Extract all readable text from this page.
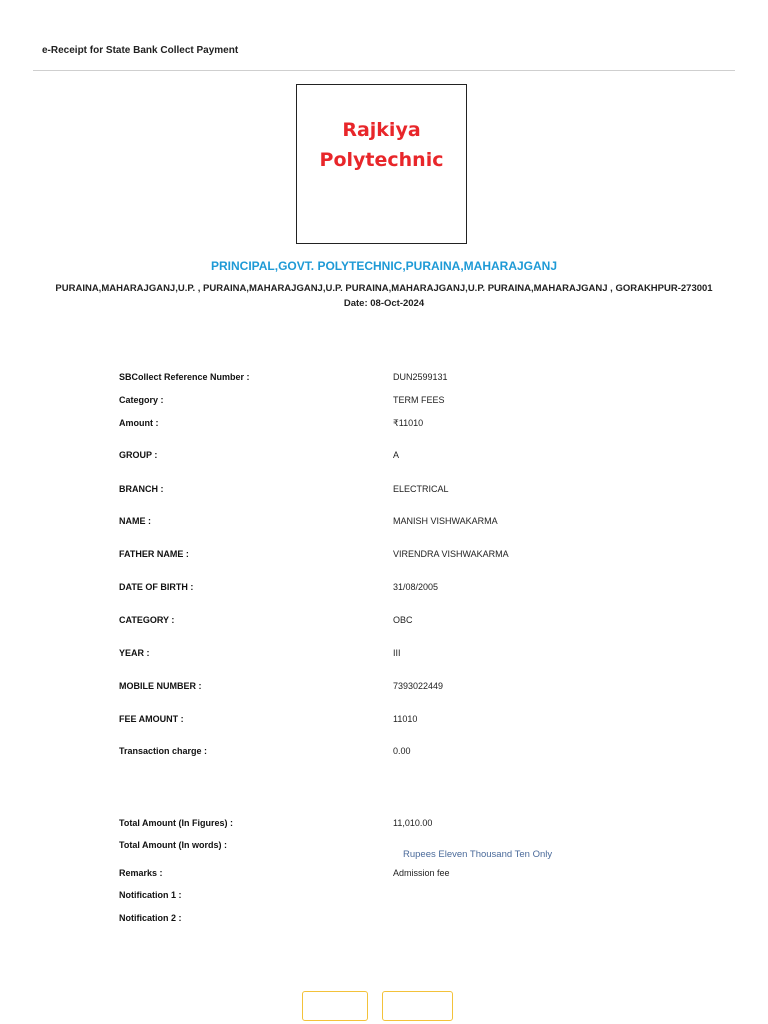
e-Receipt for State Bank Collect Payment
Rajkiya
Polytechnic
PRINCIPAL,GOVT. POLYTECHNIC,PURAINA,MAHARAJGANJ
PURAINA,MAHARAJGANJ,U.P. , PURAINA,MAHARAJGANJ,U.P. PURAINA,MAHARAJGANJ,U.P. PURAINA,MAHARAJGANJ , GORAKHPUR-273001
Date: 08-Oct-2024
SBCollect Reference Number :	DUN2599131
Category :	TERM FEES
Amount :	₹11010
GROUP :	A
BRANCH :	ELECTRICAL
NAME :	MANISH VISHWAKARMA
FATHER NAME :	VIRENDRA VISHWAKARMA
DATE OF BIRTH :	31/08/2005
CATEGORY :	OBC
YEAR :	III
MOBILE NUMBER :	7393022449
FEE AMOUNT :	11010
Transaction charge :	0.00
Total Amount (In Figures) :	11,010.00
Total Amount (In words) :
Rupees Eleven Thousand Ten Only
Remarks :	Admission fee
Notification 1 :
Notification 2 :
